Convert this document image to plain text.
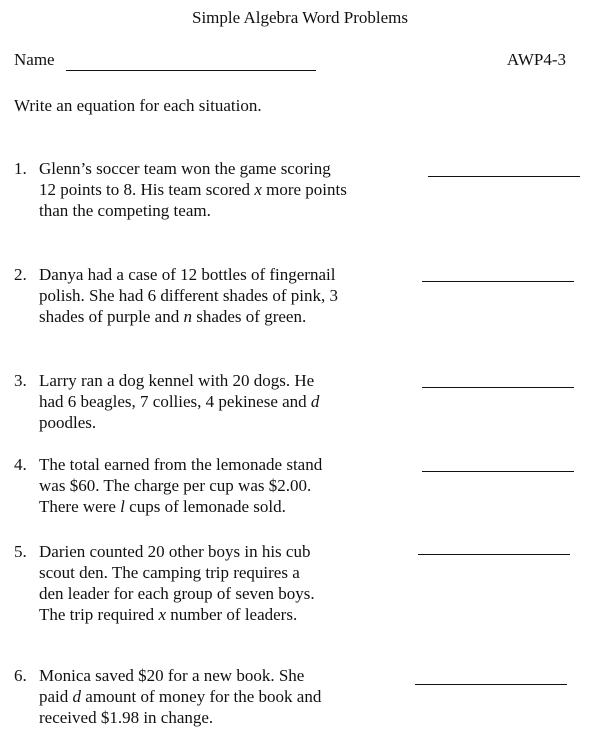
Simple Algebra Word Problems
Name	AWP4-3
Write an equation for each situation.
1. Glenn’s soccer team won the game scoring
12 points to 8. His team scored x more points
than the competing team.
2. Danya had a case of 12 bottles of fingernail
polish. She had 6 different shades of pink, 3
shades of purple and n shades of green.
3. Larry ran a dog kennel with 20 dogs. He
had 6 beagles, 7 collies, 4 pekinese and d
poodles.
4. The total earned from the lemonade stand
was $60. The charge per cup was $2.00.
There were l cups of lemonade sold.
5. Darien counted 20 other boys in his cub
scout den. The camping trip requires a
den leader for each group of seven boys.
The trip required x number of leaders.
6. Monica saved $20 for a new book. She
paid d amount of money for the book and
received $1.98 in change.
